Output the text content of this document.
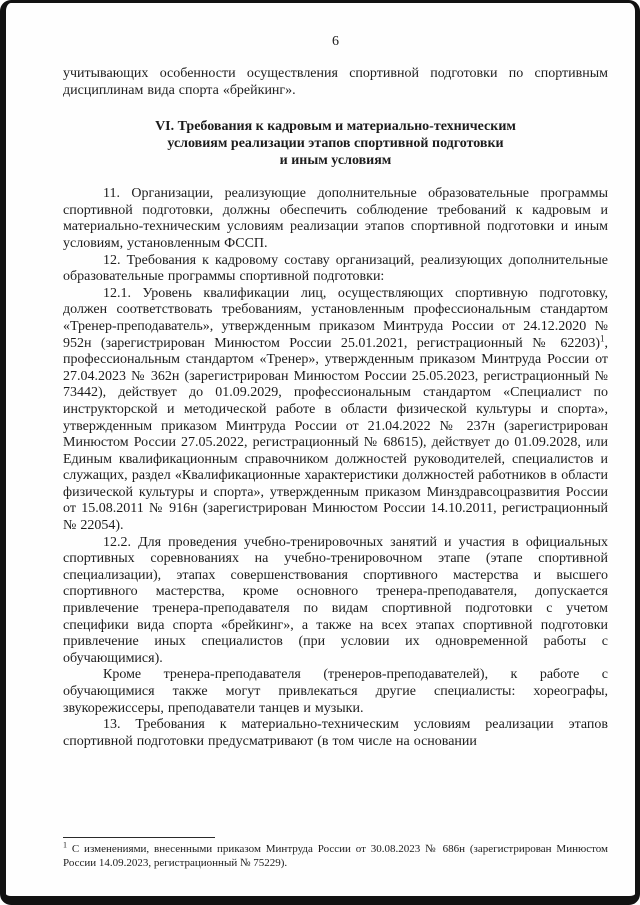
6

учитывающих особенности осуществления спортивной подготовки по спортивным дисциплинам вида спорта «брейкинг».

VI. Требования к кадровым и материально-техническим
условиям реализации этапов спортивной подготовки
и иным условиям

11. Организации, реализующие дополнительные образовательные программы спортивной подготовки, должны обеспечить соблюдение требований к кадровым и материально-техническим условиям реализации этапов спортивной подготовки и иным условиям, установленным ФССП.

12. Требования к кадровому составу организаций, реализующих дополнительные образовательные программы спортивной подготовки:

12.1. Уровень квалификации лиц, осуществляющих спортивную подготовку, должен соответствовать требованиям, установленным профессиональным стандартом «Тренер-преподаватель», утвержденным приказом Минтруда России от 24.12.2020 № 952н (зарегистрирован Минюстом России 25.01.2021, регистрационный № 62203)$^1$, профессиональным стандартом «Тренер», утвержденным приказом Минтруда России от 27.04.2023 № 362н (зарегистрирован Минюстом России 25.05.2023, регистрационный № 73442), действует до 01.09.2029, профессиональным стандартом «Специалист по инструкторской и методической работе в области физической культуры и спорта», утвержденным приказом Минтруда России от 21.04.2022 № 237н (зарегистрирован Минюстом России 27.05.2022, регистрационный № 68615), действует до 01.09.2028, или Единым квалификационным справочником должностей руководителей, специалистов и служащих, раздел «Квалификационные характеристики должностей работников в области физической культуры и спорта», утвержденным приказом Минздравсоцразвития России от 15.08.2011 № 916н (зарегистрирован Минюстом России 14.10.2011, регистрационный № 22054).

12.2. Для проведения учебно-тренировочных занятий и участия в официальных спортивных соревнованиях на учебно-тренировочном этапе (этапе спортивной специализации), этапах совершенствования спортивного мастерства и высшего спортивного мастерства, кроме основного тренера-преподавателя, допускается привлечение тренера-преподавателя по видам спортивной подготовки с учетом специфики вида спорта «брейкинг», а также на всех этапах спортивной подготовки привлечение иных специалистов (при условии их одновременной работы с обучающимися).

Кроме тренера-преподавателя (тренеров-преподавателей), к работе с обучающимися также могут привлекаться другие специалисты: хореографы, звукорежиссеры, преподаватели танцев и музыки.

13. Требования к материально-техническим условиям реализации этапов спортивной подготовки предусматривают (в том числе на основании

$^1$ С изменениями, внесенными приказом Минтруда России от 30.08.2023 № 686н (зарегистрирован Минюстом России 14.09.2023, регистрационный № 75229).
